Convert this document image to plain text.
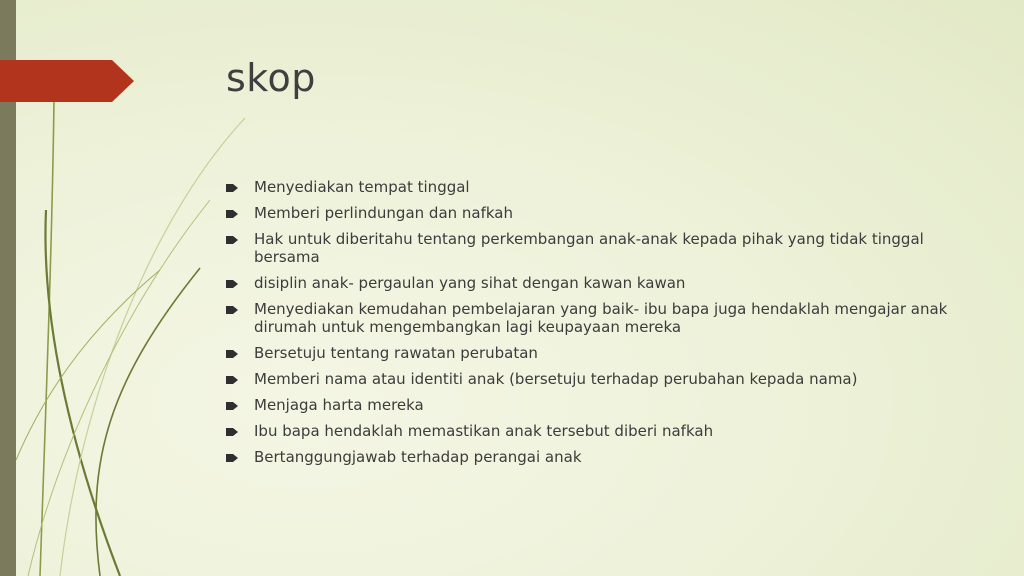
skop
Menyediakan tempat tinggal
Memberi perlindungan dan nafkah
Hak untuk diberitahu tentang perkembangan anak-anak kepada pihak yang tidak tinggal bersama
disiplin anak- pergaulan yang sihat dengan kawan kawan
Menyediakan kemudahan pembelajaran yang baik- ibu bapa juga hendaklah mengajar anak dirumah untuk mengembangkan lagi keupayaan mereka
Bersetuju tentang rawatan perubatan
Memberi nama atau identiti anak (bersetuju terhadap perubahan kepada nama)
Menjaga harta mereka
Ibu bapa hendaklah memastikan anak tersebut diberi nafkah
Bertanggungjawab terhadap perangai anak
